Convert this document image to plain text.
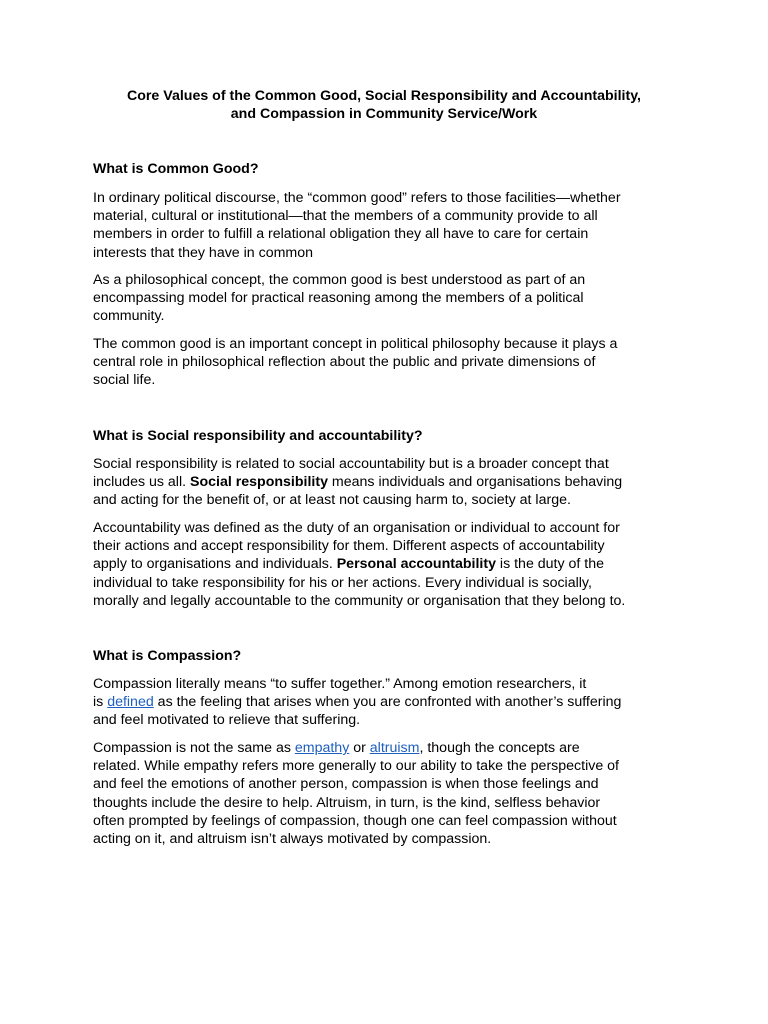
Core Values of the Common Good, Social Responsibility and Accountability,
and Compassion in Community Service/Work

What is Common Good?

In ordinary political discourse, the “common good” refers to those facilities—whether
material, cultural or institutional—that the members of a community provide to all
members in order to fulfill a relational obligation they all have to care for certain
interests that they have in common

As a philosophical concept, the common good is best understood as part of an
encompassing model for practical reasoning among the members of a political
community.

The common good is an important concept in political philosophy because it plays a
central role in philosophical reflection about the public and private dimensions of
social life.

What is Social responsibility and accountability?

Social responsibility is related to social accountability but is a broader concept that
includes us all. Social responsibility means individuals and organisations behaving
and acting for the benefit of, or at least not causing harm to, society at large.

Accountability was defined as the duty of an organisation or individual to account for
their actions and accept responsibility for them. Different aspects of accountability
apply to organisations and individuals. Personal accountability is the duty of the
individual to take responsibility for his or her actions. Every individual is socially,
morally and legally accountable to the community or organisation that they belong to.

What is Compassion?

Compassion literally means “to suffer together.” Among emotion researchers, it
is defined as the feeling that arises when you are confronted with another’s suffering
and feel motivated to relieve that suffering.

Compassion is not the same as empathy or altruism, though the concepts are
related. While empathy refers more generally to our ability to take the perspective of
and feel the emotions of another person, compassion is when those feelings and
thoughts include the desire to help. Altruism, in turn, is the kind, selfless behavior
often prompted by feelings of compassion, though one can feel compassion without
acting on it, and altruism isn’t always motivated by compassion.
